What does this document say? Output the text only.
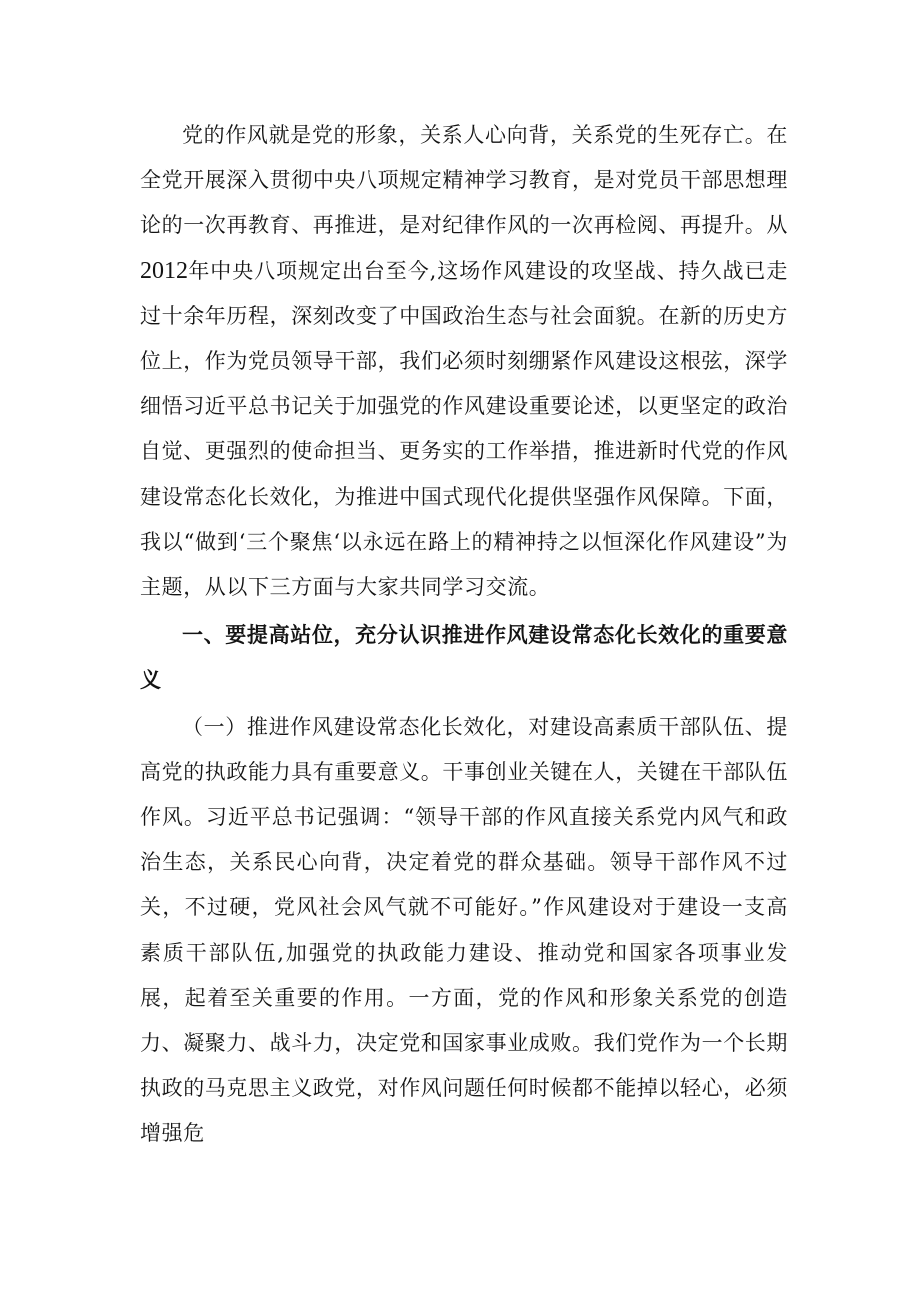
党的作风就是党的形象，关系人心向背，关系党的生死存亡。在全党开展深入贯彻中央八项规定精神学习教育，是对党员干部思想理论的一次再教育、再推进，是对纪律作风的一次再检阅、再提升。从2012年中央八项规定出台至今,这场作风建设的攻坚战、持久战已走过十余年历程，深刻改变了中国政治生态与社会面貌。在新的历史方位上，作为党员领导干部，我们必须时刻绷紧作风建设这根弦，深学细悟习近平总书记关于加强党的作风建设重要论述，以更坚定的政治自觉、更强烈的使命担当、更务实的工作举措，推进新时代党的作风建设常态化长效化，为推进中国式现代化提供坚强作风保障。下面，我以“做到‘三个聚焦‘以永远在路上的精神持之以恒深化作风建设”为主题，从以下三方面与大家共同学习交流。

一、要提高站位，充分认识推进作风建设常态化长效化的重要意义

（一）推进作风建设常态化长效化，对建设高素质干部队伍、提高党的执政能力具有重要意义。干事创业关键在人，关键在干部队伍作风。习近平总书记强调：“领导干部的作风直接关系党内风气和政治生态，关系民心向背，决定着党的群众基础。领导干部作风不过关，不过硬，党风社会风气就不可能好。”作风建设对于建设一支高素质干部队伍,加强党的执政能力建设、推动党和国家各项事业发展，起着至关重要的作用。一方面，党的作风和形象关系党的创造力、凝聚力、战斗力，决定党和国家事业成败。我们党作为一个长期执政的马克思主义政党，对作风问题任何时候都不能掉以轻心，必须增强危
